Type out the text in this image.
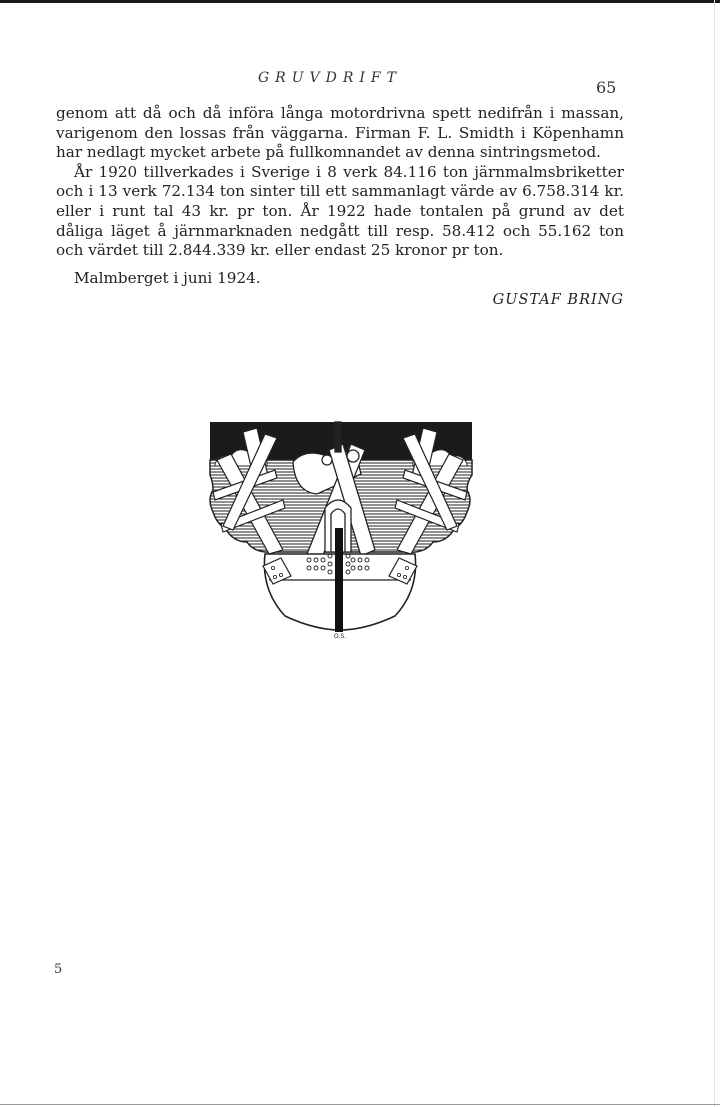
GRUVDRIFT	65

genom att då och då införa långa motordrivna spett nedifrån i massan, varigenom den lossas från väggarna. Firman F. L. Smidth i Köpenhamn har nedlagt mycket arbete på fullkomnandet av denna sintringsmetod.

År 1920 tillverkades i Sverige i 8 verk 84.116 ton järnmalmsbriketter och i 13 verk 72.134 ton sinter till ett sammanlagt värde av 6.758.314 kr. eller i runt tal 43 kr. pr ton. År 1922 hade tontalen på grund av det dåliga läget å järnmarknaden nedgått till resp. 58.412 och 55.162 ton och värdet till 2.844.339 kr. eller endast 25 kronor pr ton.

Malmberget i juni 1924.

GUSTAF BRING

O.S.
5
